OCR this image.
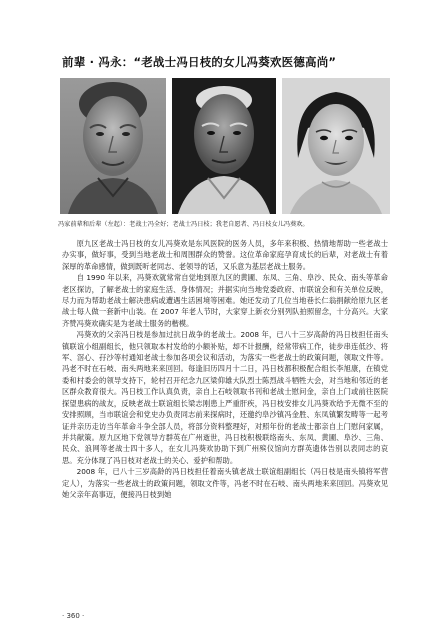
前辈 · 冯永：“老战士冯日枝的女儿冯葵欢医德高尚”
冯家前辈和后辈（左起）：老战士冯全好；老战士冯日枝；我老自愿者、冯日枝女儿冯葵欢。

原九区老战士冯日枝的女儿冯葵欢是东风医院的医务人员，多年来积极、热情地帮助一些老战士办实事，做好事，受到当地老战士和周围群众的赞誉。这位革命家庭孕育成长的后辈，对老战士有着深厚的革命感情，做到既听老同志、老领导的话，又乐意为基层老战士服务。

自 1990 年以来，冯葵欢就常常自觉地到原九区的黄圃、东凤、三角、阜沙、民众、南头等革命老区探访，了解老战士的家庭生活、身体情况；并据实向当地党委政府、市联谊会和有关单位反映，尽力而为帮助老战士解决患病或遭遇生活困境等困难。她还发动了几位当地巷长仁翁捐献给原九区老战士每人做一套新中山装。在 2007 年老人节时，大家穿上新衣分别列队拍照留念，十分高兴。大家齐赞冯葵欢确实是为老战士服务的楷模。

冯葵欢的父亲冯日枝是参加过抗日战争的老战士。2008 年，已八十三岁高龄的冯日枝担任南头镇联谊小组副组长，他只领取本村发给的小额补贴，却不计报酬，经常带病工作，徒步串连低沙、将军、滘心、孖沙等村通知老战士参加各项会议和活动，为落实一些老战士的政策问题，领取文件等。冯老不时在石岐、南头两地来来回回。每逢旧历四月十二日，冯日枝都积极配合组长李旭康，在镇党委和村委会的领导支持下，轮村召开纪念九区梁仰雄大队烈士陈烈战斗牺牲大会，对当地和邻近的老区群众教育很大。冯日枝工作认真负责，亲自上石岐领取书刊和老战士慰问金，亲自上门或前往医院探望患病的战友，反映老战士联谊组长梁志刚患上严重肝疾，冯日枝安排女儿冯葵欢给予无微不至的安排照顾，当市联谊会和党史办负责同志前来探病时，还邀约阜沙镇冯金胜、东凤镇繁发畴等一起考证并亲历走访当年革命斗争全部人员，将部分资料整理好，对照年份的老战士都亲自上门慰问家属，并共献策。原九区地下党领导方群英在广州逝世，冯日枝积极联络南头、东凤、黄圃、阜沙、三角、民众、浪网等老战士四十多人，在女儿冯葵欢协助下到广州殡仪馆向方群英遗体告别以表同志的哀思。充分体现了冯日枝对老战士的关心、爱护和帮助。

2008 年，已八十三岁高龄的冯日枝担任着南头镇老战士联谊组副组长（冯日枝是南头镇将军营定人），为落实一些老战士的政策问题，领取文件等，冯老不时在石岐、南头两地来来回回。冯葵欢见她父亲年高事迈，便接冯日枝到她

· 360 ·
